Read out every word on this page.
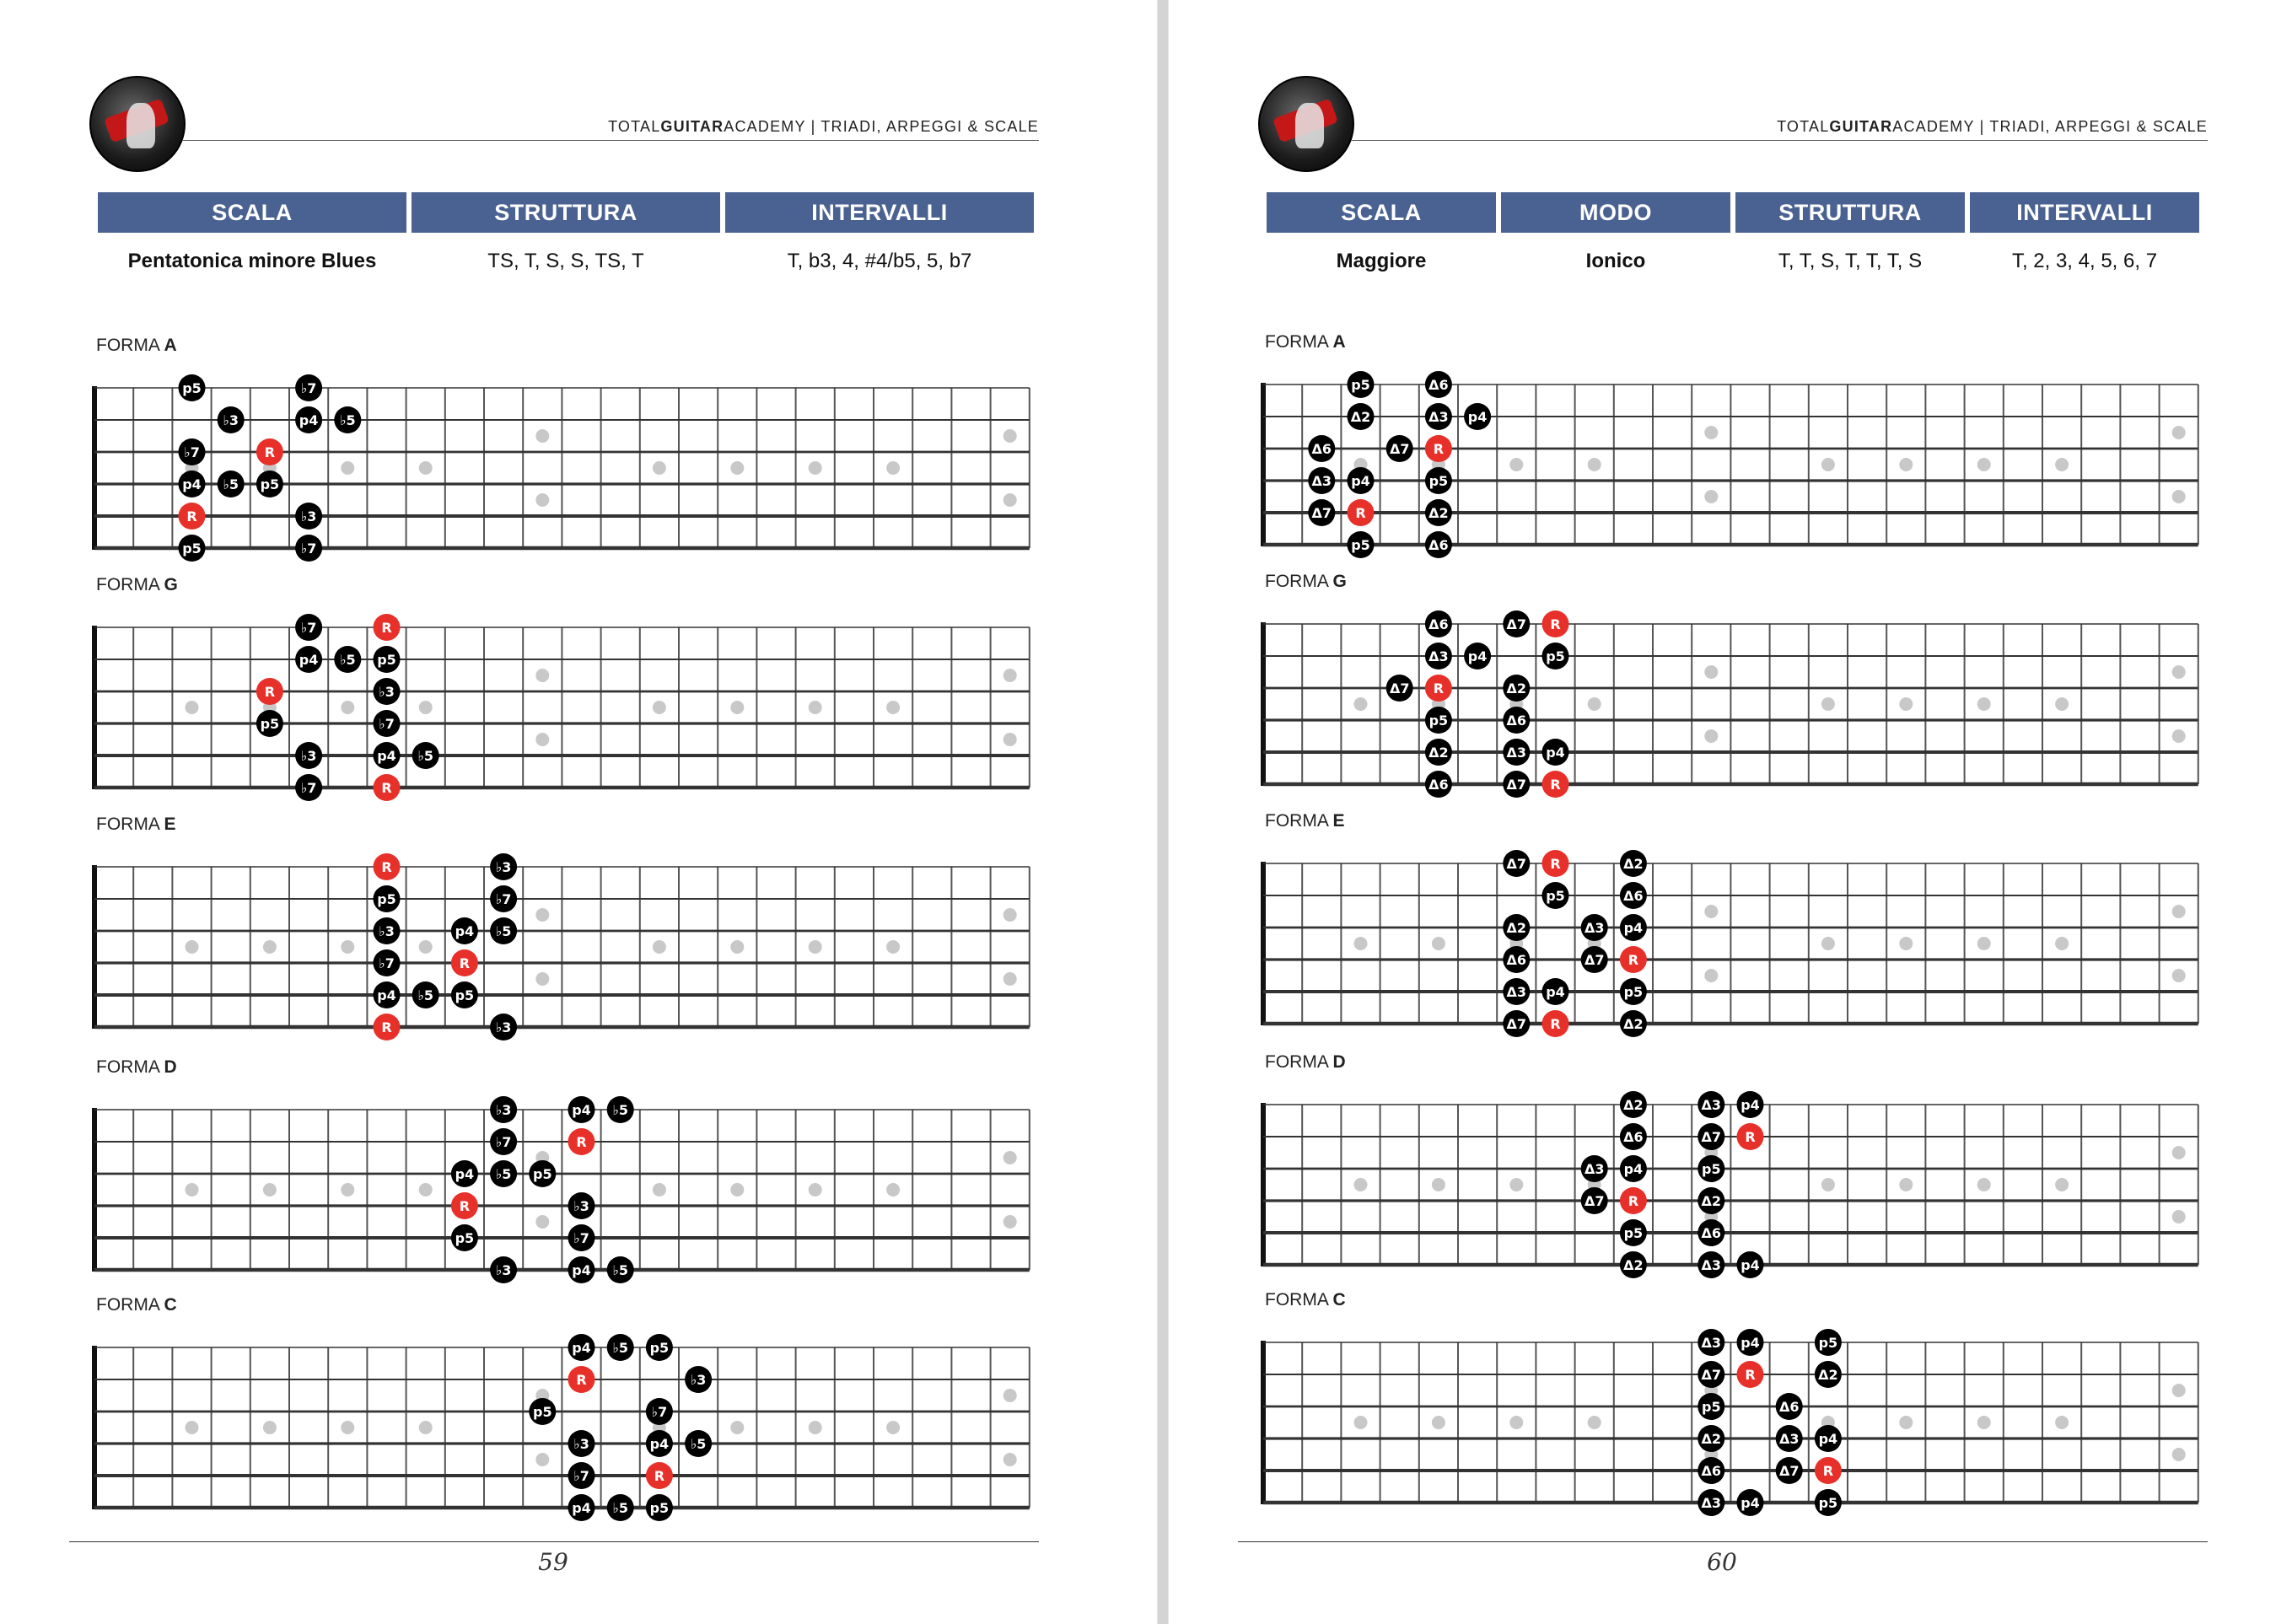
TOTALGUITARACADEMY | TRIADI, ARPEGGI & SCALE
SCALA	STRUTTURA	INTERVALLI
Pentatonica minore Blues	TS, T, S, S, TS, T	T, b3, 4, #4/b5, 5, b7
FORMA A
p5	♭7
♭3	p4 ♭5
♭7	R
p4 ♭5 p5
R	♭3
p5	♭7
FORMA G
♭7	R
p4 ♭5 p5
R	♭3
p5	♭7
♭3	p4 ♭5
♭7	R
FORMA E
R	♭3
p5	♭7
♭3	p4 ♭5
♭7	R
p4 ♭5 p5
R	♭3
FORMA D
♭3	p4 ♭5
♭7	R
p4 ♭5 p5
R	♭3
p5	♭7
♭3	p4 ♭5
FORMA C
p4 ♭5 p5
R	♭3
p5	♭7
♭3	p4 ♭5
♭7	R
p4 ♭5 p5
59
TOTALGUITARACADEMY | TRIADI, ARPEGGI & SCALE
SCALA	MODO	STRUTTURA	INTERVALLI
Maggiore	Ionico	T, T, S, T, T, T, S	T, 2, 3, 4, 5, 6, 7
FORMA A
p5	Δ6
Δ2	Δ3 p4
Δ6	Δ7 R
Δ3 p4	p5
Δ7 R	Δ2
p5	Δ6
FORMA G
Δ6	Δ7 R
Δ3 p4	p5
Δ7 R	Δ2
p5	Δ6
Δ2	Δ3 p4
Δ6	Δ7 R
FORMA E
Δ7 R	Δ2
p5	Δ6
Δ2	Δ3 p4
Δ6	Δ7 R
Δ3 p4	p5
Δ7 R	Δ2
FORMA D
Δ2	Δ3 p4
Δ6	Δ7 R
Δ3 p4	p5
Δ7 R	Δ2
p5	Δ6
Δ2	Δ3 p4
FORMA C
Δ3 p4	p5
Δ7 R	Δ2
p5	Δ6
Δ2	Δ3 p4
Δ6	Δ7 R
Δ3 p4	p5
60
